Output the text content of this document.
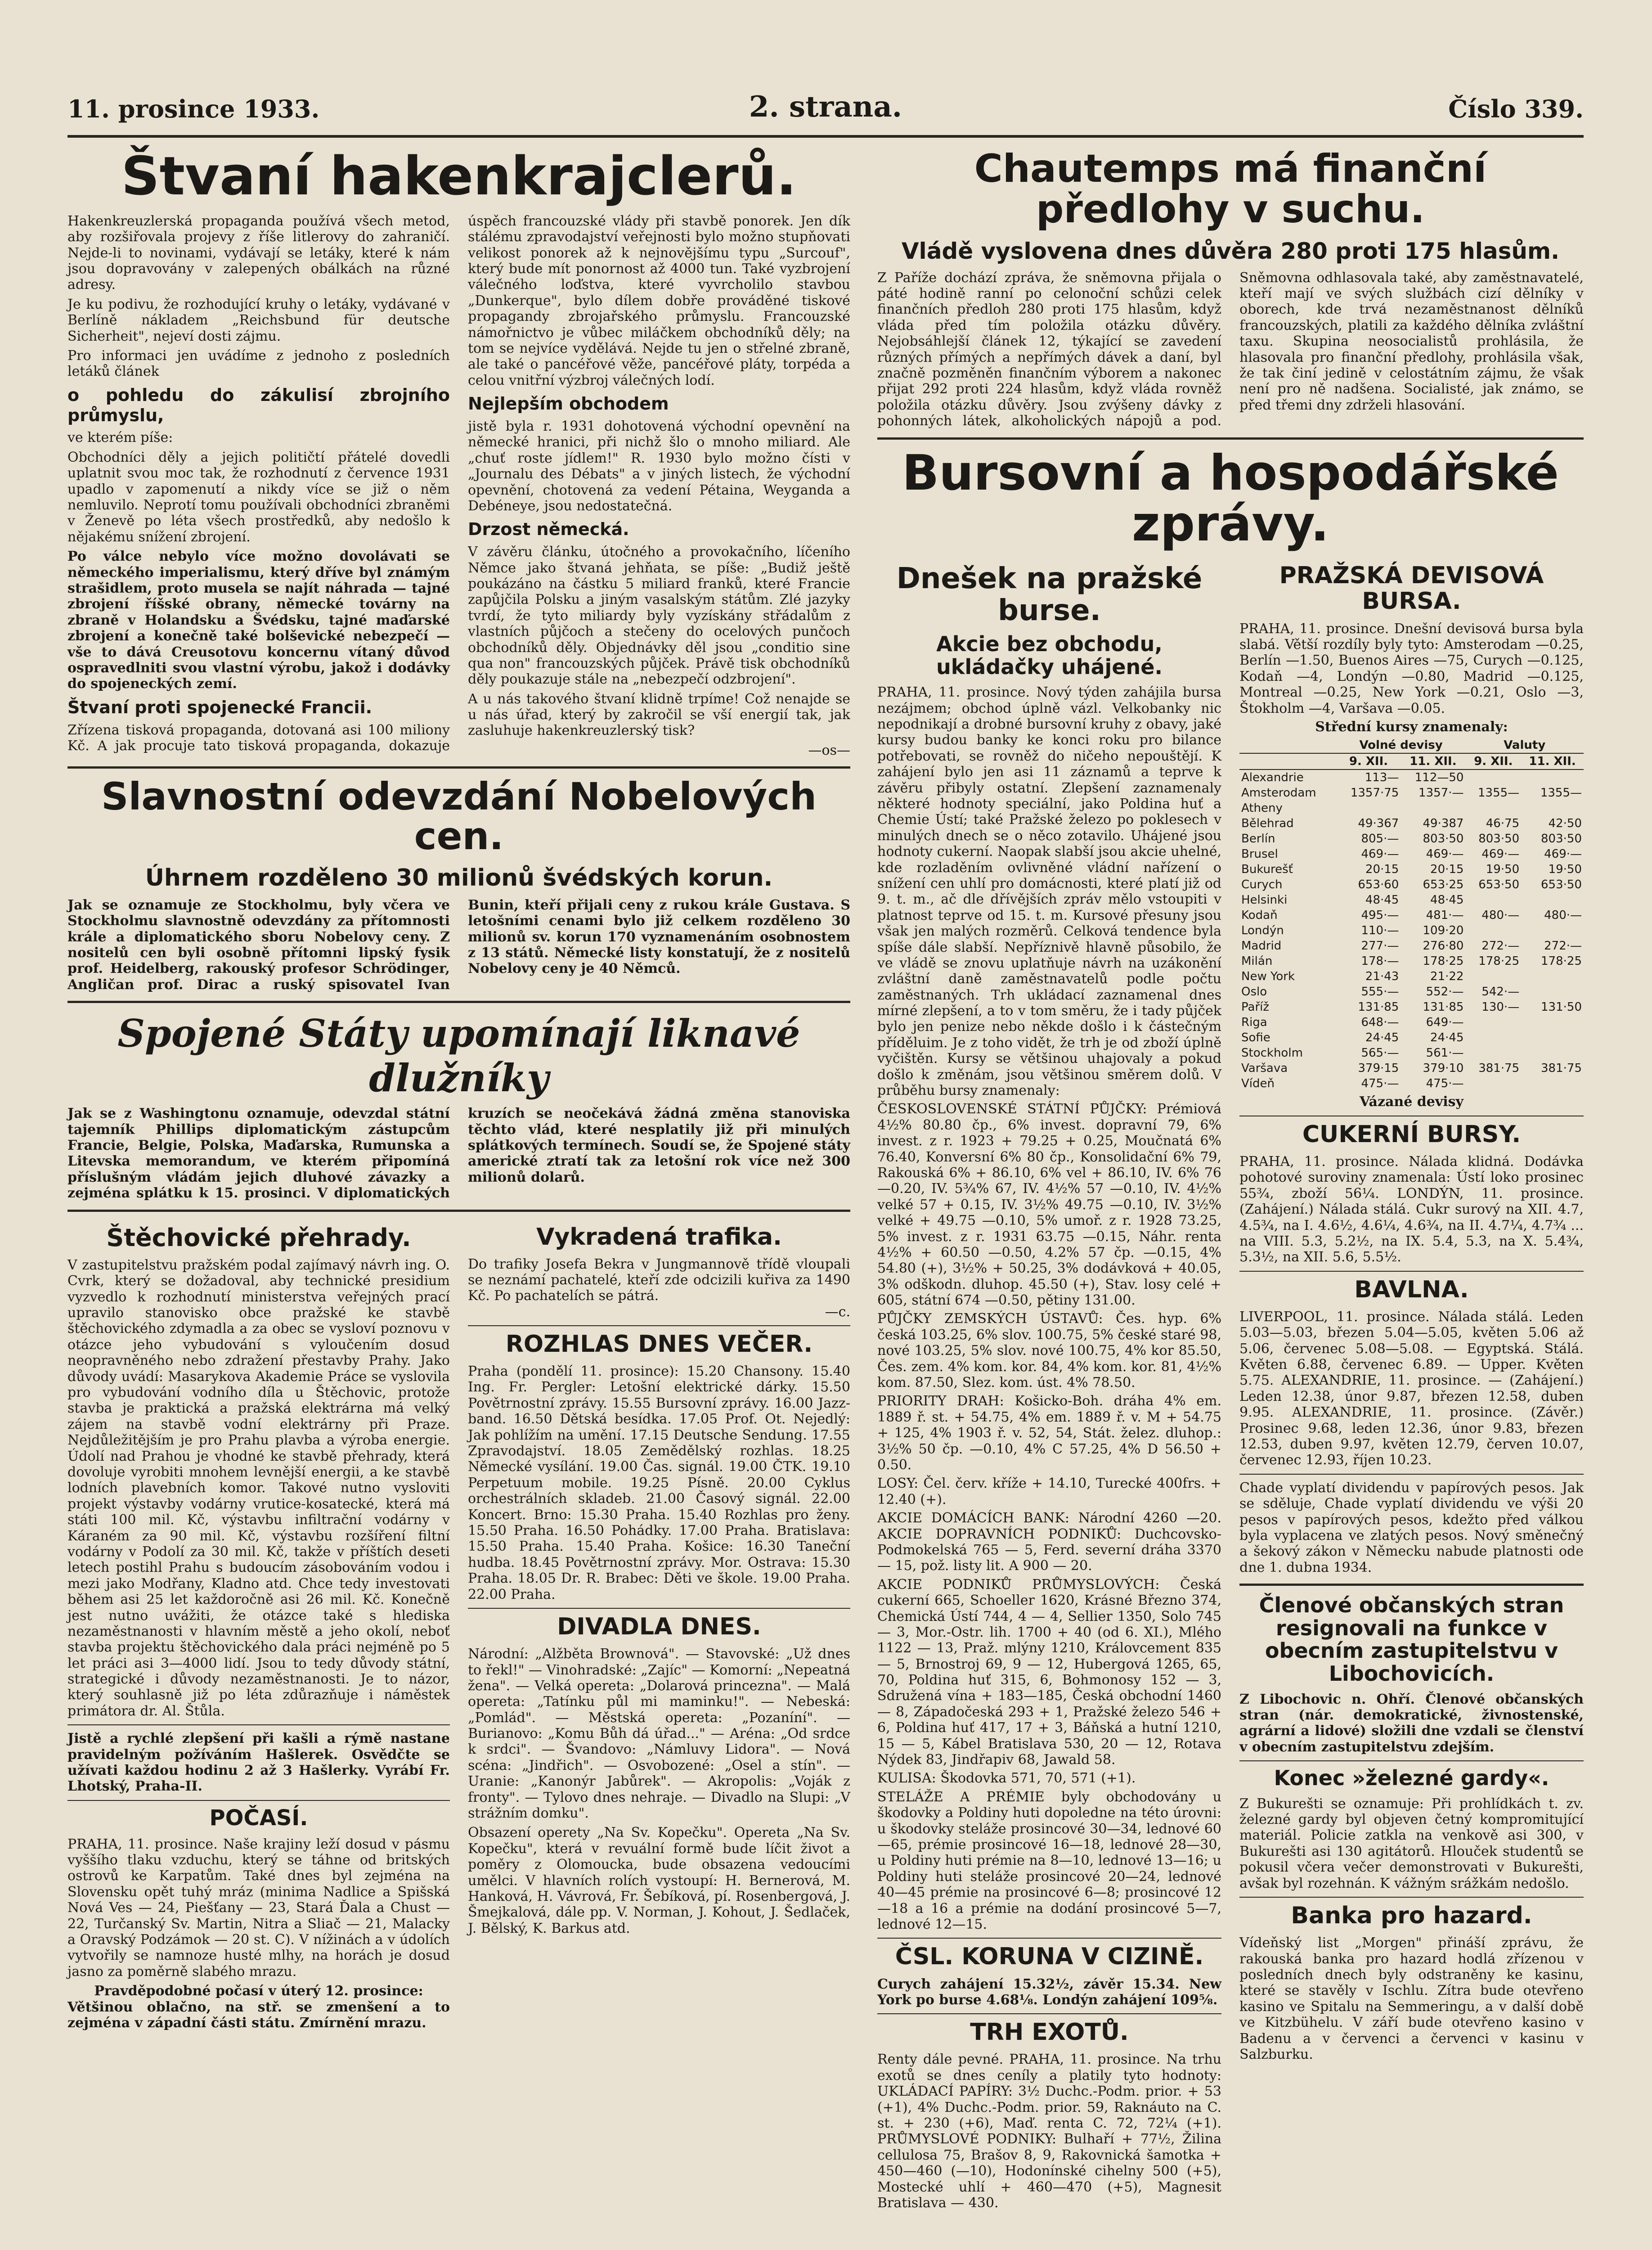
11. prosince 1933.	2. strana.	Číslo 339.
Štvaní hakenkrajclerů.

Hakenkreuzlerská propaganda používá všech metod, aby rozšiřovala projevy z říše litlerovy do zahraničí. Nejde-li to novinami, vydávají se letáky, které k nám jsou dopravovány v zalepených obálkách na různé adresy.

Je ku podivu, že rozhodující kruhy o letáky, vydávané v Berlíně nákladem „Reichsbund für deutsche Sicherheit", nejeví dosti zájmu.

Pro informaci jen uvádíme z jednoho z posledních letáků článek

o pohledu do zákulisí zbrojního průmyslu,

ve kterém píše:

Obchodníci děly a jejich političtí přátelé dovedli uplatnit svou moc tak, že rozhodnutí z července 1931 upadlo v zapomenutí a nikdy více se již o něm nemluvilo. Neprotí tomu používali obchodníci zbraněmi v Ženevě po léta všech prostředků, aby nedošlo k nějakému snížení zbrojení.

Po válce nebylo více možno dovolávati se německého imperialismu, který dříve byl známým strašidlem, proto musela se najít náhrada — tajné zbrojení říšské obrany, německé továrny na zbraně v Holandsku a Švédsku, tajné maďarské zbrojení a konečně také bolševické nebezpečí — vše to dává Creusotovu koncernu vítaný důvod ospravedlniti svou vlastní výrobu, jakož i dodávky do spojeneckých zemí.

Štvaní proti spojenecké Francii.

Zřízena tisková propaganda, dotovaná asi 100 miliony Kč. A jak procuje tato tisková propaganda, dokazuje úspěch francouzské vlády při stavbě ponorek. Jen dík stálému zpravodajství veřejnosti bylo možno stupňovati velikost ponorek až k nejnovějšímu typu „Surcouf", který bude mít ponornost až 4000 tun. Také vyzbrojení válečného loďstva, které vyvrcholilo stavbou „Dunkerque", bylo dílem dobře prováděné tiskové propagandy zbrojařského průmyslu. Francouzské námořnictvo je vůbec miláčkem obchodníků děly; na tom se nejvíce vydělává. Nejde tu jen o střelné zbraně, ale také o pancéřové věže, pancéřové pláty, torpéda a celou vnitřní výzbroj válečných lodí.

Nejlepším obchodem

jistě byla r. 1931 dohotovená východní opevnění na německé hranici, při nichž šlo o mnoho miliard. Ale „chuť roste jídlem!" R. 1930 bylo možno čísti v „Journalu des Débats" a v jiných listech, že východní opevnění, chotovená za vedení Pétaina, Weyganda a Debéneye, jsou nedostatečná.

Drzost německá.

V závěru článku, útočného a provokačního, líčeního Němce jako štvaná jehňata, se píše: „Budiž ještě poukázáno na částku 5 miliard franků, které Francie zapůjčila Polsku a jiným vasalským státům. Zlé jazyky tvrdí, že tyto miliardy byly vyzískány střádalům z vlastních půjčoch a stečeny do ocelových punčoch obchodníků děly. Objednávky děl jsou „conditio sine qua non" francouzských půjček. Právě tisk obchodníků děly poukazuje stále na „nebezpečí odzbrojení".

A u nás takového štvaní klidně trpíme! Což nenajde se u nás úřad, který by zakročil se vší energií tak, jak zasluhuje hakenkreuzlerský tisk?

—os—
Slavnostní odevzdání Nobelových cen.
Úhrnem rozděleno 30 milionů švédských korun.
Jak se oznamuje ze Stockholmu, byly včera ve Stockholmu slavnostně odevzdány za přítomnosti krále a diplomatického sboru Nobelovy ceny. Z nositelů cen byli osobně přítomni lipský fysik prof. Heidelberg, rakouský profesor Schrödinger, Angličan prof. Dirac a ruský spisovatel Ivan Bunin, kteří přijali ceny z rukou krále Gustava. S letošními cenami bylo již celkem rozděleno 30 milionů sv. korun 170 vyznamenáním osobnostem z 13 států. Německé listy konstatují, že z nositelů Nobelovy ceny je 40 Němců.
Spojené Státy upomínají liknavé dlužníky
Jak se z Washingtonu oznamuje, odevzdal státní tajemník Phillips diplomatickým zástupcům Francie, Belgie, Polska, Maďarska, Rumunska a Litevska memorandum, ve kterém připomíná příslušným vládám jejich dluhové závazky a zejména splátku k 15. prosinci. V diplomatických kruzích se neočekává žádná změna stanoviska těchto vlád, které nesplatily již při minulých splátkových termínech. Soudí se, že Spojené státy americké ztratí tak za letošní rok více než 300 milionů dolarů.
Štěchovické přehrady.
V zastupitelstvu pražském podal zajímavý návrh ing. O. Cvrk, který se dožadoval, aby technické presidium vyzvedlo k rozhodnutí ministerstva veřejných prací upravilo stanovisko obce pražské ke stavbě štěchovického zdymadla a za obec se vysloví poznovu v otázce jeho vybudování s vyloučením dosud neopravněného nebo zdražení přestavby Prahy. Jako důvody uvádí: Masarykova Akademie Práce se vyslovila pro vybudování vodního díla u Štěchovic, protože stavba je praktická a pražská elektrárna má velký zájem na stavbě vodní elektrárny při Praze. Nejdůležitějším je pro Prahu plavba a výroba energie. Údolí nad Prahou je vhodné ke stavbě přehrady, která dovoluje vyrobiti mnohem levnější energii, a ke stavbě lodních plavebních komor. Takové nutno vysloviti projekt výstavby vodárny vrutice-kosatecké, která má státi 100 mil. Kč, výstavbu infiltrační vodárny v Káraném za 90 mil. Kč, výstavbu rozšíření filtní vodárny v Podolí za 30 mil. Kč, takže v příštích deseti letech postihl Prahu s budoucím zásobováním vodou i mezi jako Modřany, Kladno atd. Chce tedy investovati během asi 25 let každoročně asi 26 mil. Kč. Konečně jest nutno uvážiti, že otázce také s hlediska nezaměstnanosti v hlavním městě a jeho okolí, neboť stavba projektu štěchovického dala práci nejméně po 5 let práci asi 3—4000 lidí. Jsou to tedy důvody státní, strategické i důvody nezaměstnanosti. Je to názor, který souhlasně již po léta zdůrazňuje i náměstek primátora dr. Al. Štůla.
Jistě a rychlé zlepšení při kašli a rýmě nastane pravidelným požíváním Hašlerek. Osvědčte se užívati každou hodinu 2 až 3 Hašlerky. Vyrábí Fr. Lhotský, Praha-II.
POČASÍ.
PRAHA, 11. prosince. Naše krajiny leží dosud v pásmu vyššího tlaku vzduchu, který se táhne od britských ostrovů ke Karpatům. Také dnes byl zejména na Slovensku opět tuhý mráz (minima Nadlice a Spišská Nová Ves — 24, Piešťany — 23, Stará Ďala a Chust — 22, Turčanský Sv. Martin, Nitra a Sliač — 21, Malacky a Oravský Podzámok — 20 st. C). V nížinách a v údolích vytvořily se namnoze husté mlhy, na horách je dosud jasno za poměrně slabého mrazu.
Pravděpodobné počasí v úterý 12. prosince:
Většinou oblačno, na stř. se zmenšení a to zejména v západní části státu. Zmírnění mrazu.
Vykradená trafika.
Do trafiky Josefa Bekra v Jungmannově třídě vloupali se neznámí pachatelé, kteří zde odcizili kuřiva za 1490 Kč. Po pachatelích se pátrá.
—c.
ROZHLAS DNES VEČER.
Praha (pondělí 11. prosince): 15.20 Chansony. 15.40 Ing. Fr. Pergler: Letošní elektrické dárky. 15.50 Povětrnostní zprávy. 15.55 Bursovní zprávy. 16.00 Jazz-band. 16.50 Dětská besídka. 17.05 Prof. Ot. Nejedlý: Jak pohlížím na umění. 17.15 Deutsche Sendung. 17.55 Zpravodajství. 18.05 Zemědělský rozhlas. 18.25 Německé vysílání. 19.00 Čas. signál. 19.00 ČTK. 19.10 Perpetuum mobile. 19.25 Písně. 20.00 Cyklus orchestrálních skladeb. 21.00 Časový signál. 22.00 Koncert. Brno: 15.30 Praha. 15.40 Rozhlas pro ženy. 15.50 Praha. 16.50 Pohádky. 17.00 Praha. Bratislava: 15.50 Praha. 15.40 Praha. Košice: 16.30 Taneční hudba. 18.45 Povětrnostní zprávy. Mor. Ostrava: 15.30 Praha. 18.05 Dr. R. Brabec: Děti ve škole. 19.00 Praha. 22.00 Praha.
DIVADLA DNES.
Národní: „Alžběta Brownová". — Stavovské: „Už dnes to řekl!" — Vinohradské: „Zajíc" — Komorní: „Nepeatná žena". — Velká opereta: „Dolarová princezna". — Malá opereta: „Tatínku půl mi maminku!". — Nebeská: „Pomlád". — Městská opereta: „Pozaníní". — Burianovo: „Komu Bůh dá úřad..." — Aréna: „Od srdce k srdci". — Švandovo: „Námluvy Lidora". — Nová scéna: „Jindřich". — Osvobozené: „Osel a stín". — Uranie: „Kanonýr Jabůrek". — Akropolis: „Voják z fronty". — Tylovo dnes nehraje. — Divadlo na Slupi: „V strážním domku".
Obsazení operety „Na Sv. Kopečku". Opereta „Na Sv. Kopečku", která v revuální formě bude líčit život a poměry z Olomoucka, bude obsazena vedoucími umělci. V hlavních rolích vystoupí: H. Bernerová, M. Hanková, H. Vávrová, Fr. Šebíková, pí. Rosenbergová, J. Šmejkalová, dále pp. V. Norman, J. Kohout, J. Šedlaček, J. Bělský, K. Barkus atd.
Chautemps má finanční předlohy v suchu.
Vládě vyslovena dnes důvěra 280 proti 175 hlasům.
Z Paříže dochází zpráva, že sněmovna přijala o páté hodině ranní po celonoční schůzi celek finančních předloh 280 proti 175 hlasům, když vláda před tím položila otázku důvěry. Nejobsáhlejší článek 12, týkající se zavedení různých přímých a nepřímých dávek a daní, byl značně pozměněn finančním výborem a nakonec přijat 292 proti 224 hlasům, když vláda rovněž položila otázku důvěry. Jsou zvýšeny dávky z pohonných látek, alkoholických nápojů a pod. Sněmovna odhlasovala také, aby zaměstnavatelé, kteří mají ve svých službách cizí dělníky v oborech, kde trvá nezaměstnanost dělníků francouzských, platili za každého dělníka zvláštní taxu. Skupina neosocialistů prohlásila, že hlasovala pro finanční předlohy, prohlásila však, že tak činí jedině v celostátním zájmu, že však není pro ně nadšena. Socialisté, jak známo, se před třemi dny zdrželi hlasování.
Bursovní a hospodářské zprávy.
Dnešek na pražské burse.
Akcie bez obchodu, ukládačky uhájené.
PRAHA, 11. prosince. Nový týden zahájila bursa nezájmem; obchod úplně vázl. Velkobanky nic nepodnikají a drobné bursovní kruhy z obavy, jaké kursy budou banky ke konci roku pro bilance potřebovati, se rovněž do ničeho nepouštějí. K zahájení bylo jen asi 11 záznamů a teprve k závěru přibyly ostatní. Zlepšení zaznamenaly některé hodnoty speciální, jako Poldina huť a Chemie Ústí; také Pražské železo po poklesech v minulých dnech se o něco zotavilo. Uhájené jsou hodnoty cukerní. Naopak slabší jsou akcie uhelné, kde rozladěním ovlivněné vládní nařízení o snížení cen uhlí pro domácnosti, které platí již od 9. t. m., ač dle dřívějších zpráv mělo vstoupiti v platnost teprve od 15. t. m. Kursové přesuny jsou však jen malých rozměrů. Celková tendence byla spíše dále slabší. Nepříznivě hlavně působilo, že ve vládě se znovu uplatňuje návrh na uzákonění zvláštní daně zaměstnavatelů podle počtu zaměstnaných. Trh ukládací zaznamenal dnes mírné zlepšení, a to v tom směru, že i tady půjček bylo jen penize nebo někde došlo i k částečným příděluim. Je z toho vidět, že trh je od zboží úplně vyčištěn. Kursy se většinou uhajovaly a pokud došlo k změnám, jsou většinou směrem dolů. V průběhu bursy znamenaly:
ČESKOSLOVENSKÉ STÁTNÍ PŮJČKY: Prémiová 4½% 80.80 čp., 6% invest. dopravní 79, 6% invest. z r. 1923 + 79.25 + 0.25, Moučnatá 6% 76.40, Konversní 6% 80 čp., Konsolidační 6% 79, Rakouská 6% + 86.10, 6% vel + 86.10, IV. 6% 76 —0.20, IV. 5¾% 67, IV. 4½% 57 —0.10, IV. 4½% velké 57 + 0.15, IV. 3½% 49.75 —0.10, IV. 3½% velké + 49.75 —0.10, 5% umoř. z r. 1928 73.25, 5% invest. z r. 1931 63.75 —0.15, Náhr. renta 4½% + 60.50 —0.50, 4.2% 57 čp. —0.15, 4% 54.80 (+), 3½% + 50.25, 3% dodávková + 40.05, 3% odškodn. dluhop. 45.50 (+), Stav. losy celé + 605, státní 674 —0.50, pětiny 131.00.
PŮJČKY ZEMSKÝCH ÚSTAVŮ: Čes. hyp. 6% česká 103.25, 6% slov. 100.75, 5% české staré 98, nové 103.25, 5% slov. nové 100.75, 4% kor 85.50, Čes. zem. 4% kom. kor. 84, 4% kom. kor. 81, 4½% kom. 87.50, Slez. kom. úst. 4% 78.50.
PRIORITY DRAH: Košicko-Boh. dráha 4% em. 1889 ř. st. + 54.75, 4% em. 1889 ř. v. M + 54.75 + 125, 4% 1903 ř. v. 52, 54, Stát. želez. dluhop.: 3½% 50 čp. —0.10, 4% C 57.25, 4% D 56.50 + 0.50.
LOSY: Čel. červ. kříže + 14.10, Turecké 400frs. + 12.40 (+).
AKCIE DOMÁCÍCH BANK: Národní 4260 —20. AKCIE DOPRAVNÍCH PODNIKŮ: Duchcovsko-Podmokelská 765 — 5, Ferd. severní dráha 3370 — 15, pož. listy lit. A 900 — 20.
AKCIE PODNIKŮ PRŮMYSLOVÝCH: Česká cukerní 665, Schoeller 1620, Krásné Březno 374, Chemická Ústí 744, 4 — 4, Sellier 1350, Solo 745 — 3, Mor.-Ostr. lih. 1700 + 40 (od 6. XI.), Mlého 1122 — 13, Praž. mlýny 1210, Královcement 835 — 5, Brnostroj 69, 9 — 12, Hubergová 1265, 65, 70, Poldina huť 315, 6, Bohmonosy 152 — 3, Sdružená vína + 183—185, Česká obchodní 1460 — 8, Západočeská 293 + 1, Pražské železo 546 + 6, Poldina huť 417, 17 + 3, Báňská a hutní 1210, 15 — 5, Kábel Bratislava 530, 20 — 12, Rotava Nýdek 83, Jindřapiv 68, Jawald 58.
KULISA: Škodovka 571, 70, 571 (+1).
STELÁŽE A PRÉMIE byly obchodovány u škodovky a Poldiny huti dopoledne na této úrovni: u škodovky steláže prosincové 30—34, lednové 60—65, prémie prosincové 16—18, lednové 28—30, u Poldiny huti prémie na 8—10, lednové 13—16; u Poldiny huti steláže prosincové 20—24, lednové 40—45 prémie na prosincové 6—8; prosincové 12—18 a 16 a prémie na dodání prosincové 5—7, lednové 12—15.
ČSL. KORUNA V CIZINĚ.
Curych zahájení 15.32½, závěr 15.34. New York po burse 4.68⅛. Londýn zahájení 109⅝.
TRH EXOTŮ.
Renty dále pevné. PRAHA, 11. prosince. Na trhu exotů se dnes ceníly a platily tyto hodnoty: UKLÁDACÍ PAPÍRY: 3½ Duchc.-Podm. prior. + 53 (+1), 4% Duchc.-Podm. prior. 59, Raknáuto na C. st. + 230 (+6), Maď. renta C. 72, 72¼ (+1). PRŮMYSLOVÉ PODNIKY: Bulhaří + 77½, Žilina cellulosa 75, Brašov 8, 9, Rakovnická šamotka + 450—460 (—10), Hodonínské cihelny 500 (+5), Mostecké uhlí + 460—470 (+5), Magnesit Bratislava — 430.
PRAŽSKÁ DEVISOVÁ BURSA.
PRAHA, 11. prosince. Dnešní devisová bursa byla slabá. Větší rozdíly byly tyto: Amsterodam —0.25, Berlín —1.50, Buenos Aires —75, Curych —0.125, Kodaň —4, Londýn —0.80, Madrid —0.125, Montreal —0.25, New York —0.21, Oslo —3, Štokholm —4, Varšava —0.05.
Střední kursy znamenaly:
	Volné devisy		Valuty	
	9. XII.	11. XII.	9. XII.	11. XII.
Alexandrie	113—	112—50		
Amsterodam	1357·75	1357·—	1355—	1355—
Atheny				
Bělehrad	49·367	49·387	46·75	42·50
Berlín	805·—	803·50	803·50	803·50
Brusel	469·—	469·—	469·—	469·—
Bukurešť	20·15	20·15	19·50	19·50
Curych	653·60	653·25	653·50	653·50
Helsinki	48·45	48·45		
Kodaň	495·—	481·—	480·—	480·—
Londýn	110·—	109·20		
Madrid	277·—	276·80	272·—	272·—
Milán	178·—	178·25	178·25	178·25
New York	21·43	21·22		
Oslo	555·—	552·—	542·—	
Paříž	131·85	131·85	130·—	131·50
Riga	648·—	649·—		
Sofie	24·45	24·45		
Stockholm	565·—	561·—		
Varšava	379·15	379·10	381·75	381·75
Vídeň	475·—	475·—		
Vázané devisy
CUKERNÍ BURSY.
PRAHA, 11. prosince. Nálada klidná. Dodávka pohotové suroviny znamenala: Ústí loko prosinec 55¾, zboží 56¼. LONDÝN, 11. prosince. (Zahájení.) Nálada stálá. Cukr surový na XII. 4.7, 4.5¾, na I. 4.6½, 4.6¼, 4.6¾, na II. 4.7¼, 4.7¾ ... na VIII. 5.3, 5.2½, na IX. 5.4, 5.3, na X. 5.4¾, 5.3½, na XII. 5.6, 5.5½.
BAVLNA.
LIVERPOOL, 11. prosince. Nálada stálá. Leden 5.03—5.03, březen 5.04—5.05, květen 5.06 až 5.06, červenec 5.08—5.08. — Egyptská. Stálá. Květen 6.88, červenec 6.89. — Upper. Květen 5.75. ALEXANDRIE, 11. prosince. — (Zahájení.) Leden 12.38, únor 9.87, březen 12.58, duben 9.95. ALEXANDRIE, 11. prosince. (Závěr.) Prosinec 9.68, leden 12.36, únor 9.83, březen 12.53, duben 9.97, květen 12.79, červen 10.07, červenec 12.93, říjen 10.23.
Chade vyplatí dividendu v papírových pesos. Jak se sděluje, Chade vyplatí dividendu ve výši 20 pesos v papírových pesos, kdežto před válkou byla vyplacena ve zlatých pesos. Nový směnečný a šekový zákon v Německu nabude platnosti ode dne 1. dubna 1934.
Členové občanských stran resignovali na funkce v obecním zastupitelstvu v Libochovicích.
Z Libochovic n. Ohří. Členové občanských stran (nár. demokratické, živnostenské, agrární a lidové) složili dne vzdali se členství v obecním zastupitelstvu zdejším.
Konec »železné gardy«.
Z Bukurešti se oznamuje: Při prohlídkách t. zv. železné gardy byl objeven četný kompromitující materiál. Policie zatkla na venkově asi 300, v Bukurešti asi 130 agitátorů. Hlouček studentů se pokusil včera večer demonstrovati v Bukurešti, avšak byl rozehnán. K vážným srážkám nedošlo.
Banka pro hazard.
Vídeňský list „Morgen" přináší zprávu, že rakouská banka pro hazard hodlá zřízenou v posledních dnech byly odstraněny ke kasinu, které se stavěly v Ischlu. Zítra bude otevřeno kasino ve Spitalu na Semmeringu, a v další době ve Kitzbühelu. V září bude otevřeno kasino v Badenu a v červenci a červenci v kasinu v Salzburku.
